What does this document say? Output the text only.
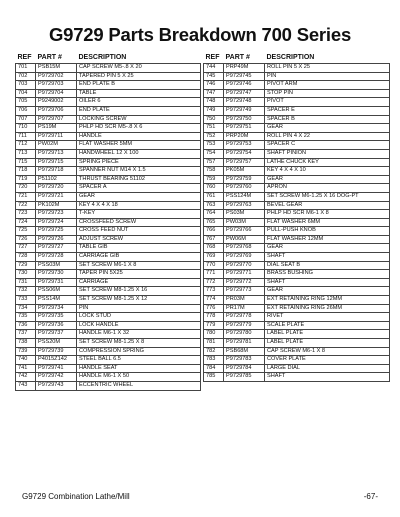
G9729 Parts Breakdown 700 Series
REF	PART #	DESCRIPTION
701	PSB15M	CAP SCREW M5-.8 X 20
702	P9729702	TAPERED PIN 5 X 25
703	P9729703	END PLATE B
704	P9729704	TABLE
705	P9249002	OILER 6
706	P9729706	END PLATE
707	P9729707	LOCKING SCREW
710	PS19M	PHLP HD SCR M5-.8 X 6
711	P9729711	HANDLE
712	PW02M	FLAT WASHER 5MM
713	P9729713	HANDWHEEL 12 X 100
715	P9729715	SPRING PIECE
718	P9729718	SPANNER NUT M14 X 1.5
719	P51102	THRUST BEARING 51102
720	P9729720	SPACER A
721	P9729721	GEAR
722	PK102M	KEY 4 X 4 X 18
723	P9729723	T-KEY
724	P9729724	CROSSFEED SCREW
725	P9729725	CROSS FEED NUT
726	P9729726	ADJUST SCREW
727	P9729727	TABLE GIB
728	P9729728	CARRIAGE GIB
729	PSS03M	SET SCREW M6-1 X 8
730	P9729730	TAPER PIN 5X25
731	P9729731	CARRIAGE
732	PSS06M	SET SCREW M8-1.25 X 16
733	PSS14M	SET SCREW M8-1.25 X 12
734	P9729734	PIN
735	P9729735	LOCK STUD
736	P9729736	LOCK HANDLE
737	P9729737	HANDLE M6-1 X 32
738	PSS20M	SET SCREW M8-1.25 X 8
739	P9729739	COMPRESSION SPRING
740	P4015Z142	STEEL BALL 6.5
741	P9729741	HANDLE SEAT
742	P9729742	HANDLE M6-1 X 50
743	P9729743	ECCENTRIC WHEEL
REF	PART #	DESCRIPTION
744	PRP49M	ROLL PIN 5 X 25
745	P9729745	PIN
746	P9729746	PIVOT ARM
747	P9729747	STOP PIN
748	P9729748	PIVOT
749	P9729749	SPACER E
750	P9729750	SPACER B
751	P9729751	GEAR
752	PRP20M	ROLL PIN 4 X 22
753	P9729753	SPACER C
754	P9729754	SHAFT PINION
757	P9729757	LATHE CHUCK KEY
758	PK05M	KEY 4 X 4 X 10
759	P9729759	GEAR
760	P9729760	APRON
761	PSS124M	SET SCREW M6-1.25 X 16 DOG-PT
763	P9729763	BEVEL GEAR
764	PS03M	PHLP HD SCR M6-1 X 8
765	PW03M	FLAT WASHER 6MM
766	P9729766	PULL-PUSH KNOB
767	PW06M	FLAT WASHER 12MM
768	P9729768	GEAR
769	P9729769	SHAFT
770	P9729770	DIAL SEAT B
771	P9729771	BRASS BUSHING
772	P9729772	SHAFT
773	P9729773	GEAR
774	PR03M	EXT RETAINING RING 12MM
776	PR17M	EXT RETAINING RING 26MM
778	P9729778	RIVET
779	P9729779	SCALE PLATE
780	P9729780	LABEL PLATE
781	P9729781	LABEL PLATE
782	PSB68M	CAP SCREW M6-1 X 8
783	P9729783	COVER PLATE
784	P9729784	LARGE DIAL
785	P9729785	SHAFT
G9729 Combination Lathe/Mill	-67-
